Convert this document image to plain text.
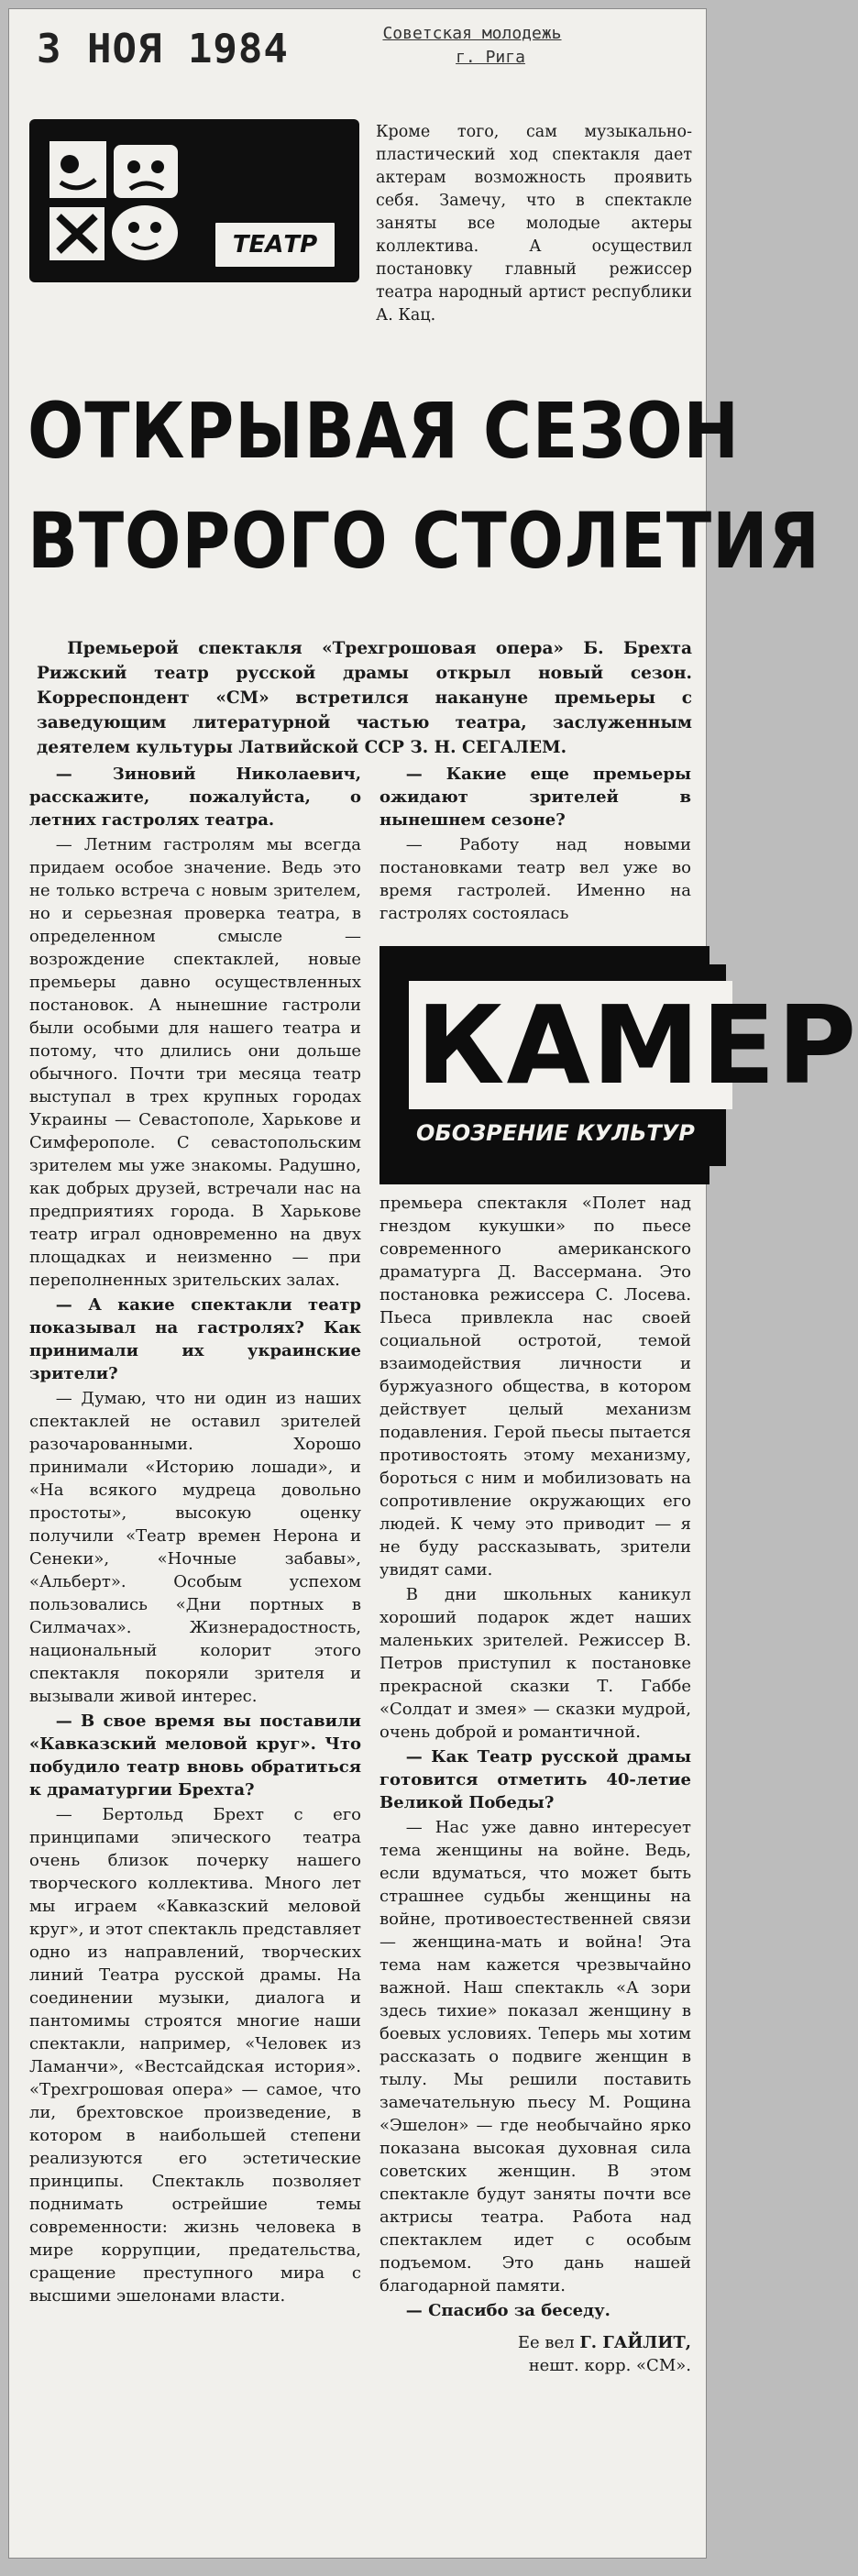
3 НОЯ 1984	Советская молодежь
г. Рига
ТЕАТР
Кроме того, сам музыкально-пластический ход спектакля дает актерам возможность проявить себя. Замечу, что в спектакле заняты все молодые актеры коллектива. А осуществил постановку главный режиссер театра народный артист республики А. Кац.
ОТКРЫВАЯ СЕЗОН
ВТОРОГО СТОЛЕТИЯ

Премьерой спектакля «Трехгрошовая опера» Б. Брехта Рижский театр русской драмы открыл новый сезон. Корреспондент «СМ» встретился накануне премьеры с заведующим литературной частью театра, заслуженным деятелем культуры Латвийской ССР З. Н. СЕГАЛЕМ.

— Зиновий Николаевич, расскажите, пожалуйста, о летних гастролях театра.

— Летним гастролям мы всегда придаем особое значение. Ведь это не только встреча с новым зрителем, но и серьезная проверка театра, в определенном смысле — возрождение спектаклей, новые премьеры давно осуществленных постановок. А нынешние гастроли были особыми для нашего театра и потому, что длились они дольше обычного. Почти три месяца театр выступал в трех крупных городах Украины — Севастополе, Харькове и Симферополе. С севастопольским зрителем мы уже знакомы. Радушно, как добрых друзей, встречали нас на предприятиях города. В Харькове театр играл одновременно на двух площадках и неизменно — при переполненных зрительских залах.

— А какие спектакли театр показывал на гастролях? Как принимали их украинские зрители?

— Думаю, что ни один из наших спектаклей не оставил зрителей разочарованными. Хорошо принимали «Историю лошади», и «На всякого мудреца довольно простоты», высокую оценку получили «Театр времен Нерона и Сенеки», «Ночные забавы», «Альберт». Особым успехом пользовались «Дни портных в Силмачах». Жизнерадостность, национальный колорит этого спектакля покоряли зрителя и вызывали живой интерес.

— В свое время вы поставили «Кавказский меловой круг». Что побудило театр вновь обратиться к драматургии Брехта?

— Бертольд Брехт с его принципами эпического театра очень близок почерку нашего творческого коллектива. Много лет мы играем «Кавказский меловой круг», и этот спектакль представляет одно из направлений, творческих линий Театра русской драмы. На соединении музыки, диалога и пантомимы строятся многие наши спектакли, например, «Человек из Ламанчи», «Вестсайдская история». «Трехгрошовая опера» — самое, что ли, брехтовское произведение, в котором в наибольшей степени реализуются его эстетические принципы. Спектакль позволяет поднимать острейшие темы современности: жизнь человека в мире коррупции, предательства, сращение преступного мира с высшими эшелонами власти.

— Какие еще премьеры ожидают зрителей в нынешнем сезоне?

— Работу над новыми постановками театр вел уже во время гастролей. Именно на гастролях состоялась

КАМЕР
ОБОЗРЕНИЕ КУЛЬТУР

премьера спектакля «Полет над гнездом кукушки» по пьесе современного американского драматурга Д. Вассермана. Это постановка режиссера С. Лосева. Пьеса привлекла нас своей социальной остротой, темой взаимодействия личности и буржуазного общества, в котором действует целый механизм подавления. Герой пьесы пытается противостоять этому механизму, бороться с ним и мобилизовать на сопротивление окружающих его людей. К чему это приводит — я не буду рассказывать, зрители увидят сами.

В дни школьных каникул хороший подарок ждет наших маленьких зрителей. Режиссер В. Петров приступил к постановке прекрасной сказки Т. Габбе «Солдат и змея» — сказки мудрой, очень доброй и романтичной.

— Как Театр русской драмы готовится отметить 40-летие Великой Победы?

— Нас уже давно интересует тема женщины на войне. Ведь, если вдуматься, что может быть страшнее судьбы женщины на войне, противоестественней связи — женщина-мать и война! Эта тема нам кажется чрезвычайно важной. Наш спектакль «А зори здесь тихие» показал женщину в боевых условиях. Теперь мы хотим рассказать о подвиге женщин в тылу. Мы решили поставить замечательную пьесу М. Рощина «Эшелон» — где необычайно ярко показана высокая духовная сила советских женщин. В этом спектакле будут заняты почти все актрисы театра. Работа над спектаклем идет с особым подъемом. Это дань нашей благодарной памяти.

— Спасибо за беседу.

Ее вел Г. ГАЙЛИТ,
нешт. корр. «СМ».
